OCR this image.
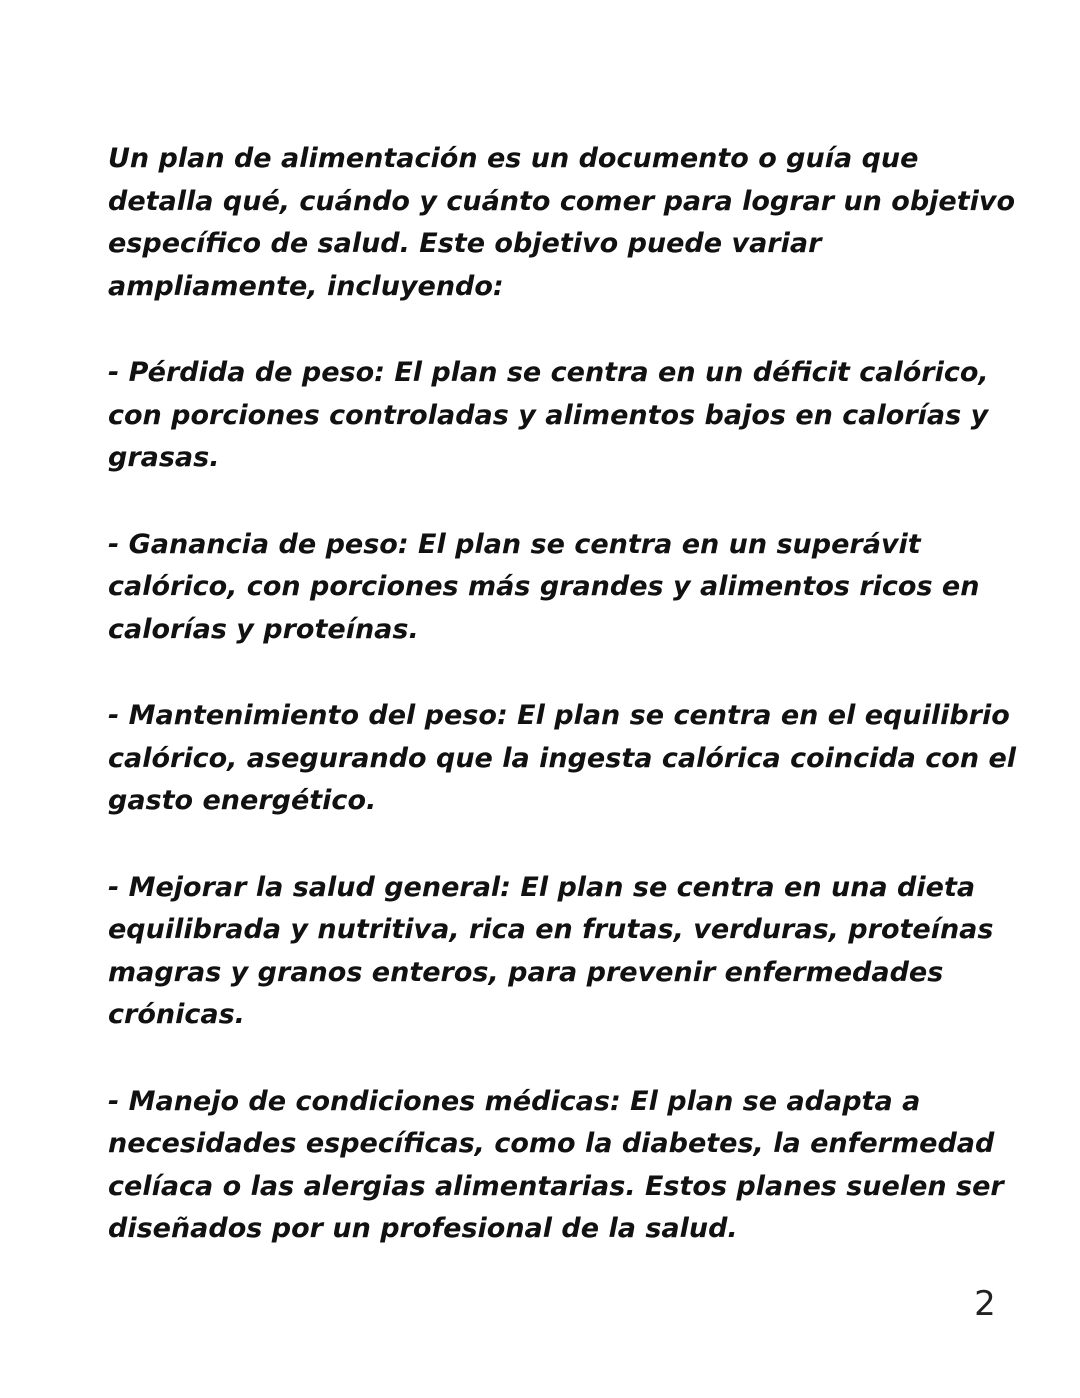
Un plan de alimentación es un documento o guía que
detalla qué, cuándo y cuánto comer para lograr un objetivo
específico de salud. Este objetivo puede variar
ampliamente, incluyendo:

- Pérdida de peso: El plan se centra en un déficit calórico,
con porciones controladas y alimentos bajos en calorías y
grasas.

- Ganancia de peso: El plan se centra en un superávit
calórico, con porciones más grandes y alimentos ricos en
calorías y proteínas.

- Mantenimiento del peso: El plan se centra en el equilibrio
calórico, asegurando que la ingesta calórica coincida con el
gasto energético.

- Mejorar la salud general: El plan se centra en una dieta
equilibrada y nutritiva, rica en frutas, verduras, proteínas
magras y granos enteros, para prevenir enfermedades
crónicas.

- Manejo de condiciones médicas: El plan se adapta a
necesidades específicas, como la diabetes, la enfermedad
celíaca o las alergias alimentarias. Estos planes suelen ser
diseñados por un profesional de la salud.

2
